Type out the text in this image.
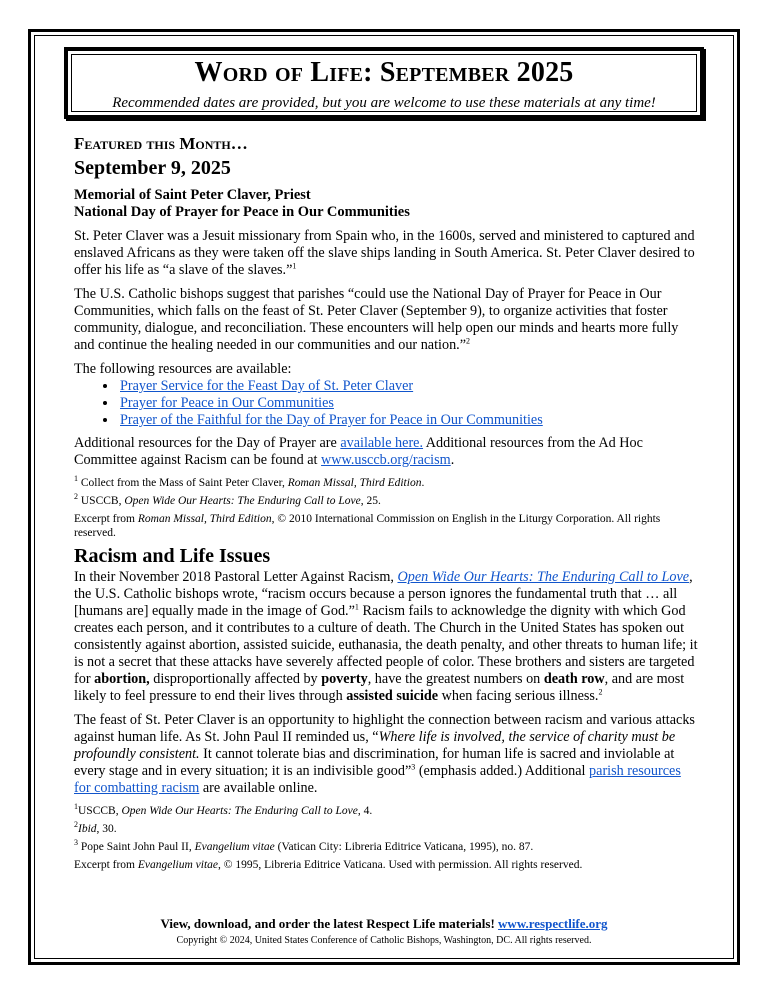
Word of Life: September 2025
Recommended dates are provided, but you are welcome to use these materials at any time!
Featured this Month…
September 9, 2025
Memorial of Saint Peter Claver, Priest
National Day of Prayer for Peace in Our Communities

St. Peter Claver was a Jesuit missionary from Spain who, in the 1600s, served and ministered to captured and enslaved Africans as they were taken off the slave ships landing in South America. St. Peter Claver desired to offer his life as “a slave of the slaves.”$^1$

The U.S. Catholic bishops suggest that parishes “could use the National Day of Prayer for Peace in Our Communities, which falls on the feast of St. Peter Claver (September 9), to organize activities that foster community, dialogue, and reconciliation. These encounters will help open our minds and hearts more fully and continue the healing needed in our communities and our nation.”$^2$

The following resources are available:
• Prayer Service for the Feast Day of St. Peter Claver
• Prayer for Peace in Our Communities
• Prayer of the Faithful for the Day of Prayer for Peace in Our Communities

Additional resources for the Day of Prayer are available here. Additional resources from the Ad Hoc Committee against Racism can be found at www.usccb.org/racism.

$^1$ Collect from the Mass of Saint Peter Claver, Roman Missal, Third Edition.
$^2$ USCCB, Open Wide Our Hearts: The Enduring Call to Love, 25.
Excerpt from Roman Missal, Third Edition, © 2010 International Commission on English in the Liturgy Corporation. All rights reserved.
Racism and Life Issues

In their November 2018 Pastoral Letter Against Racism, Open Wide Our Hearts: The Enduring Call to Love, the U.S. Catholic bishops wrote, “racism occurs because a person ignores the fundamental truth that … all [humans are] equally made in the image of God.”$^1$ Racism fails to acknowledge the dignity with which God creates each person, and it contributes to a culture of death. The Church in the United States has spoken out consistently against abortion, assisted suicide, euthanasia, the death penalty, and other threats to human life; it is not a secret that these attacks have severely affected people of color. These brothers and sisters are targeted for abortion, disproportionally affected by poverty, have the greatest numbers on death row, and are most likely to feel pressure to end their lives through assisted suicide when facing serious illness.$^2$

The feast of St. Peter Claver is an opportunity to highlight the connection between racism and various attacks against human life. As St. John Paul II reminded us, “Where life is involved, the service of charity must be profoundly consistent. It cannot tolerate bias and discrimination, for human life is sacred and inviolable at every stage and in every situation; it is an indivisible good”$^3$ (emphasis added.) Additional parish resources for combatting racism are available online.

$^1$USCCB, Open Wide Our Hearts: The Enduring Call to Love, 4.
$^2$Ibid, 30.
$^3$ Pope Saint John Paul II, Evangelium vitae (Vatican City: Libreria Editrice Vaticana, 1995), no. 87.
Excerpt from Evangelium vitae, © 1995, Libreria Editrice Vaticana. Used with permission. All rights reserved.
View, download, and order the latest Respect Life materials! www.respectlife.org
Copyright © 2024, United States Conference of Catholic Bishops, Washington, DC. All rights reserved.
